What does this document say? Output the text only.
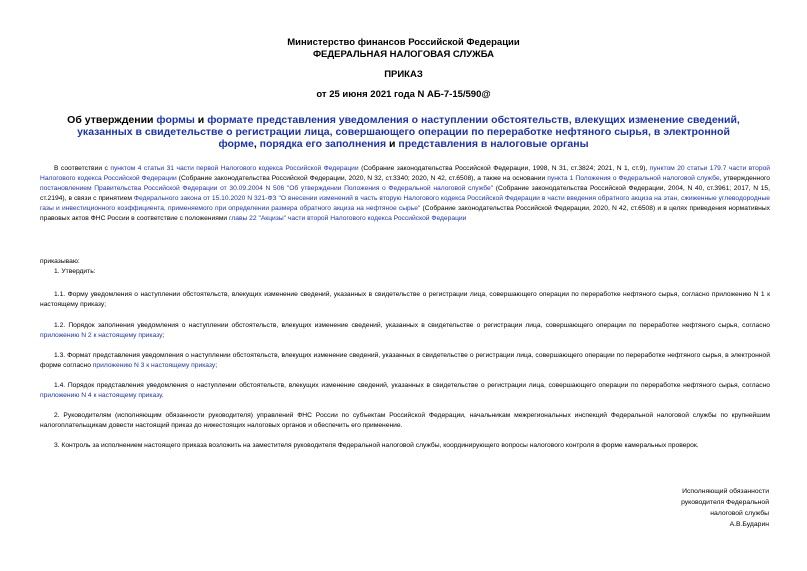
Министерство финансов Российской Федерации
ФЕДЕРАЛЬНАЯ НАЛОГОВАЯ СЛУЖБА
ПРИКАЗ
от 25 июня 2021 года N АБ-7-15/590@
Об утверждении формы и формате представления уведомления о наступлении обстоятельств, влекущих изменение сведений, указанных в свидетельстве о регистрации лица, совершающего операции по переработке нефтяного сырья, в электронной форме, порядка его заполнения и представления в налоговые органы
В соответствии с пунктом 4 статьи 31 части первой Налогового кодекса Российской Федерации (Собрание законодательства Российской Федерации, 1998, N 31, ст.3824; 2021, N 1, ст.9), пунктом 20 статьи 179.7 части второй Налогового кодекса Российской Федерации (Собрание законодательства Российской Федерации, 2020, N 32, ст.3340; 2020, N 42, ст.6508), а также на основании пункта 1 Положения о Федеральной налоговой службе, утвержденного постановлением Правительства Российской Федерации от 30.09.2004 N 506 "Об утверждении Положения о Федеральной налоговой службе" (Собрание законодательства Российской Федерации, 2004, N 40, ст.3961; 2017, N 15, ст.2194), в связи с принятием Федерального закона от 15.10.2020 N 321-ФЗ "О внесении изменений в часть вторую Налогового кодекса Российской Федерации в части введения обратного акциза на этан, сжиженные углеводородные газы и инвестиционного коэффициента, применяемого при определении размера обратного акциза на нефтяное сырье" (Собрание законодательства Российской Федерации, 2020, N 42, ст.6508) и в целях приведения нормативных правовых актов ФНС России в соответствие с положениями главы 22 "Акцизы" части второй Налогового кодекса Российской Федерации
приказываю:
1. Утвердить:
1.1. Форму уведомления о наступлении обстоятельств, влекущих изменение сведений, указанных в свидетельстве о регистрации лица, совершающего операции по переработке нефтяного сырья, согласно приложению N 1 к настоящему приказу;
1.2. Порядок заполнения уведомления о наступлении обстоятельств, влекущих изменение сведений, указанных в свидетельстве о регистрации лица, совершающего операции по переработке нефтяного сырья, согласно приложению N 2 к настоящему приказу;
1.3. Формат представления уведомления о наступлении обстоятельств, влекущих изменение сведений, указанных в свидетельстве о регистрации лица, совершающего операции по переработке нефтяного сырья, в электронной форме согласно приложению N 3 к настоящему приказу;
1.4. Порядок представления уведомления о наступлении обстоятельств, влекущих изменение сведений, указанных в свидетельстве о регистрации лица, совершающего операции по переработке нефтяного сырья, согласно приложению N 4 к настоящему приказу.
2. Руководителям (исполняющим обязанности руководителя) управлений ФНС России по субъектам Российской Федерации, начальникам межрегиональных инспекций Федеральной налоговой службы по крупнейшим налогоплательщикам довести настоящий приказ до нижестоящих налоговых органов и обеспечить его применение.
3. Контроль за исполнением настоящего приказа возложить на заместителя руководителя Федеральной налоговой службы, координирующего вопросы налогового контроля в форме камеральных проверок.
Исполняющий обязанности
руководителя Федеральной
налоговой службы
А.В.Бударин
